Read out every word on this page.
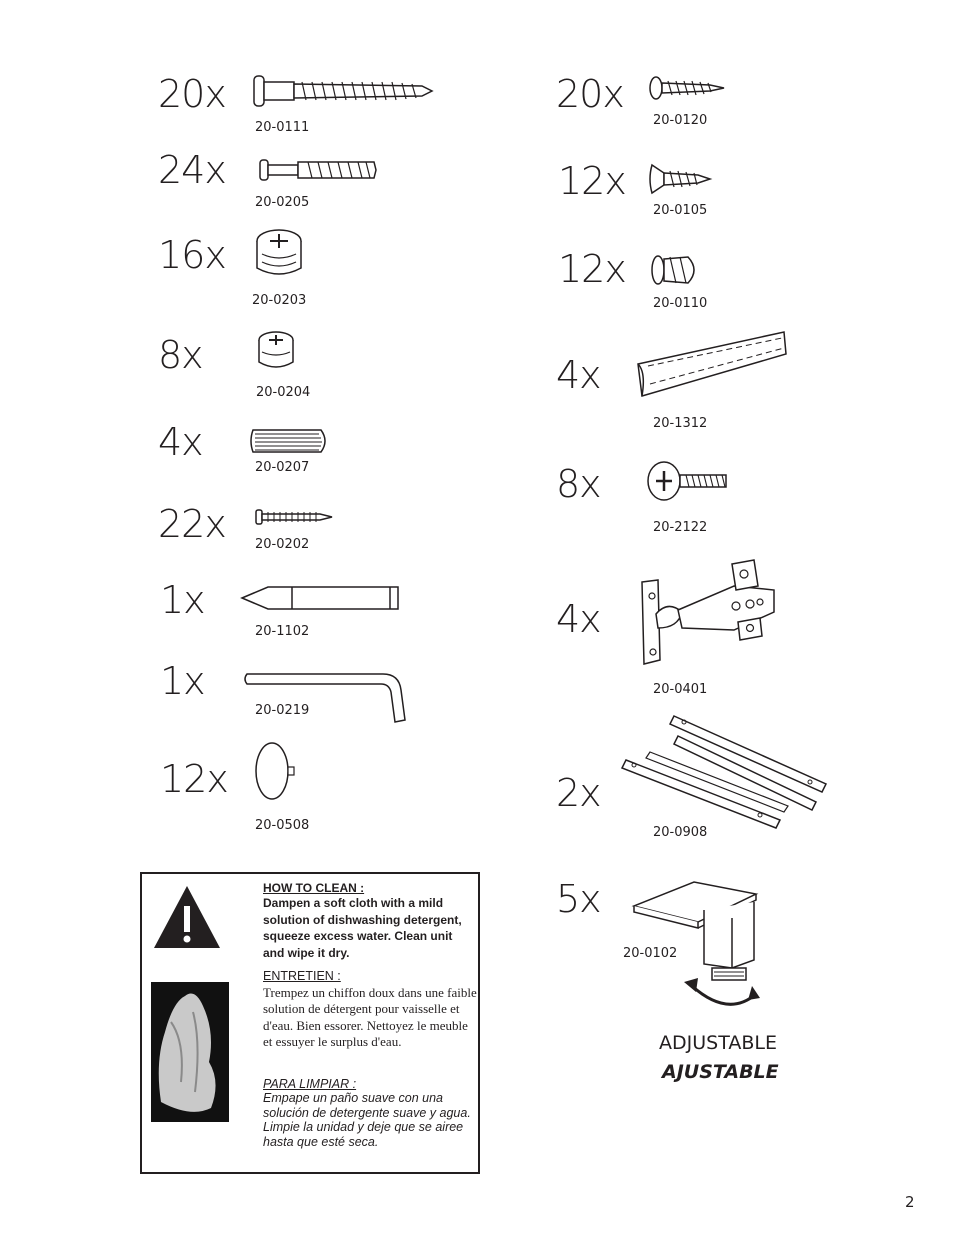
20x
20-0111
24x
20-0205
16x
20-0203
8x
20-0204
4x
20-0207
22x 20-0202
1x
20-1102
1x
20-0219
12x
20-0508
20x
20-0120
12x
20-0105
12x
20-0110
4x
20-1312
8x
20-2122
4x
20-0401
2x
20-0908
5x
20-0102
ADJUSTABLE
AJUSTABLE
HOW TO CLEAN :
Dampen a soft cloth with a mild solution of dishwashing detergent, squeeze excess water. Clean unit and wipe it dry.
ENTRETIEN :
Trempez un chiffon doux dans une faible solution de détergent pour vaisselle et d'eau. Bien essorer. Nettoyez le meuble et essuyer le surplus d'eau.
PARA LIMPIAR :
Empape un paño suave con una solución de detergente suave y agua. Limpie la unidad y deje que se airee hasta que esté seca.
2
